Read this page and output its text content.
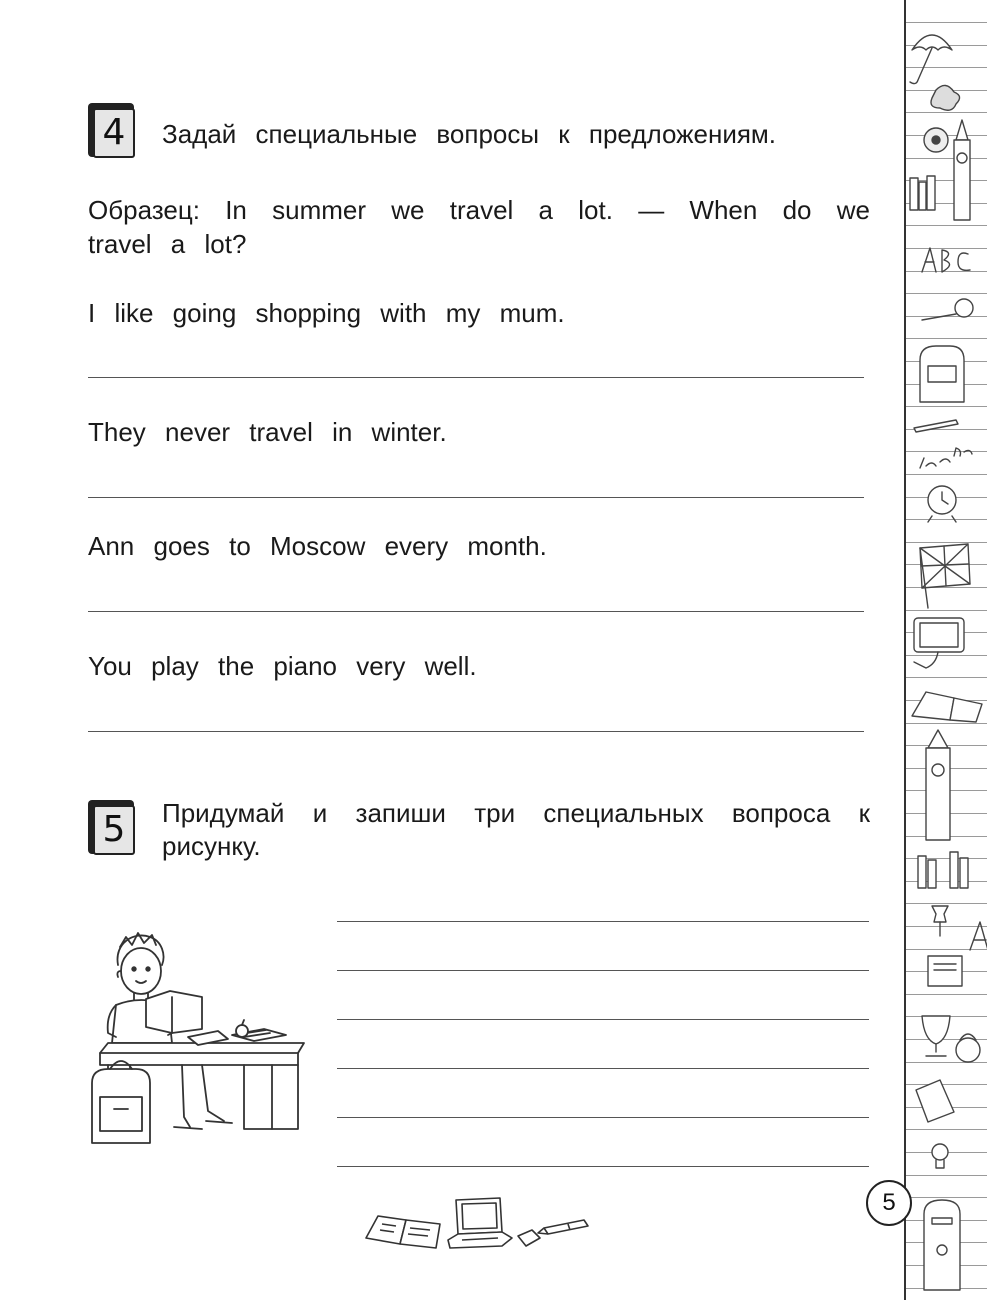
4	Задай специальные вопросы к предложениям.
Образец: In summer we travel a lot. — When do we travel a lot?
I like going shopping with my mum.
They never travel in winter.
Ann goes to Moscow every month.
You play the piano very well.
5	Придумай и запиши три специальных вопроса к рисунку.
5
